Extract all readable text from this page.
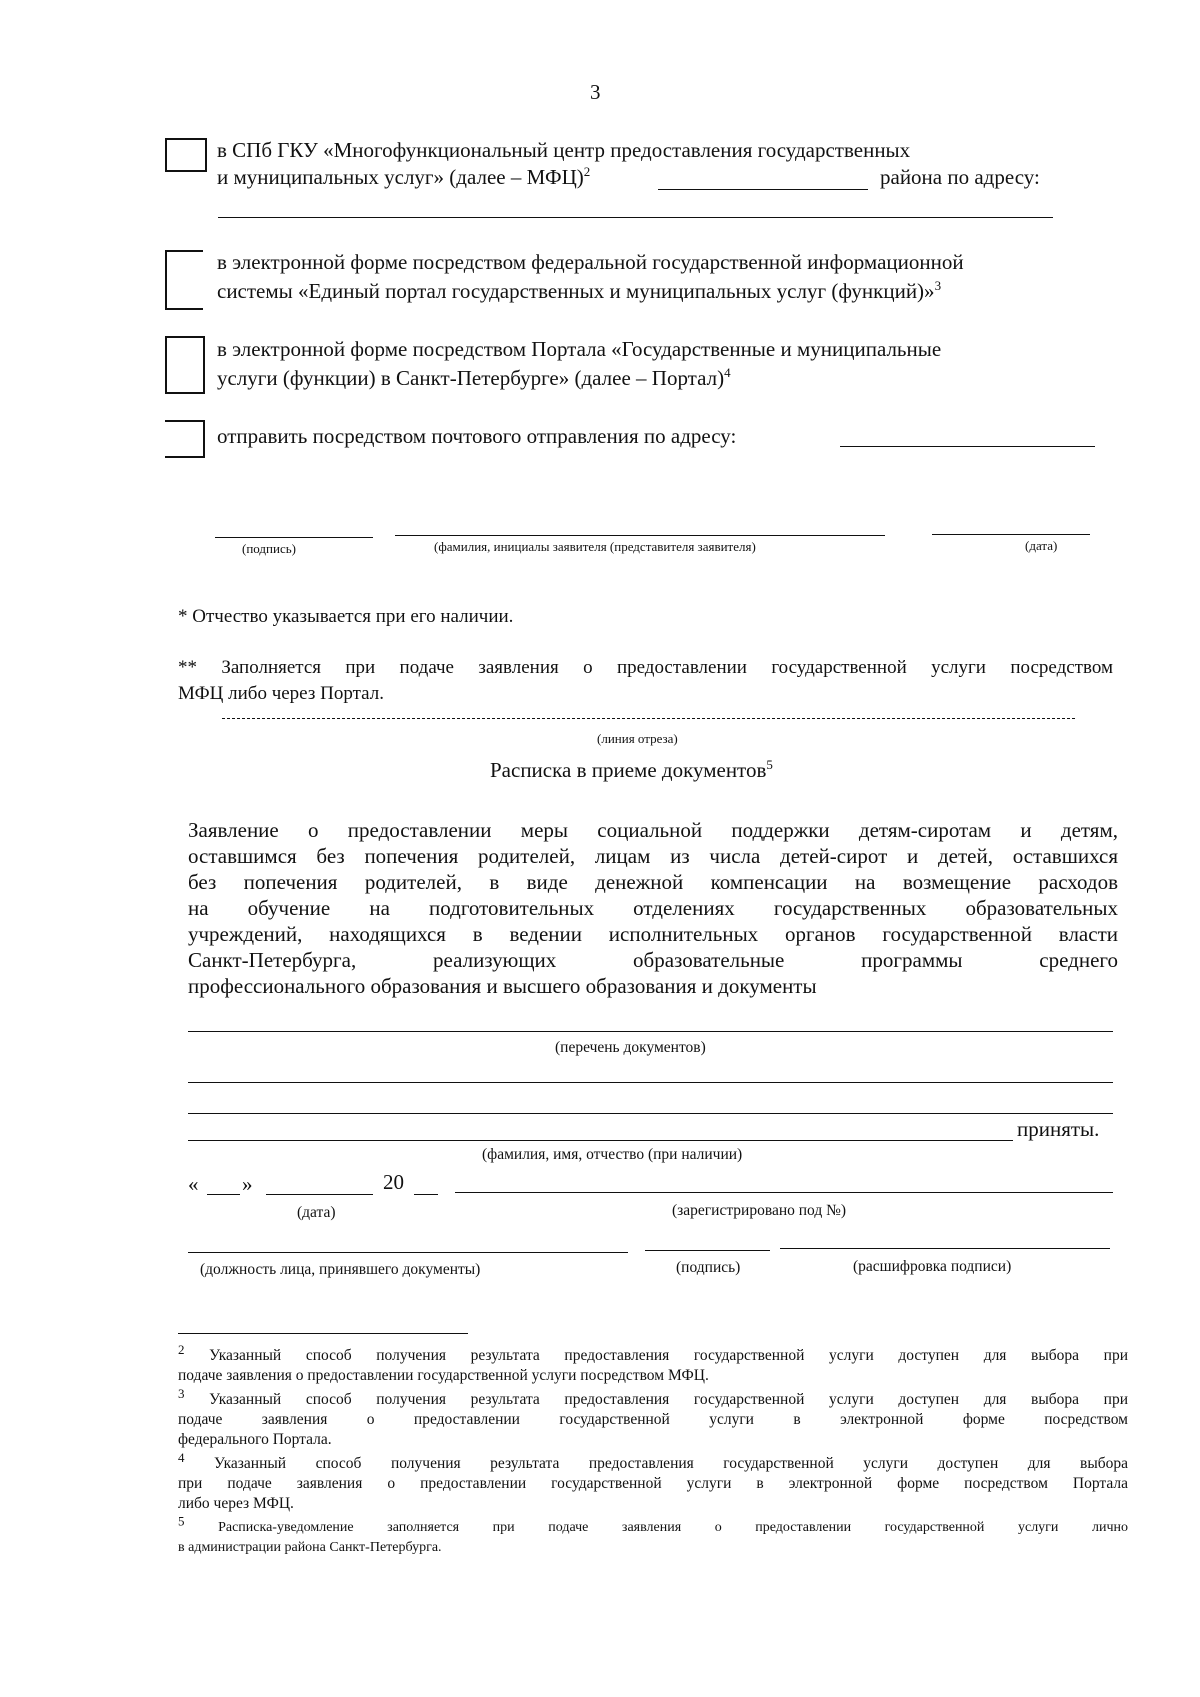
3
в СПб ГКУ «Многофункциональный центр предоставления государственных
и муниципальных услуг» (далее – МФЦ)$^2$	района по адресу:
в электронной форме посредством федеральной государственной информационной
системы «Единый портал государственных и муниципальных услуг (функций)»$^3$
в электронной форме посредством Портала «Государственные и муниципальные
услуги (функции) в Санкт-Петербурге» (далее – Портал)$^4$
отправить посредством почтового отправления по адресу:
(подпись)	(фамилия, инициалы заявителя (представителя заявителя)	(дата)
* Отчество указывается при его наличии.
** Заполняется при подаче заявления о предоставлении государственной услуги посредством
МФЦ либо через Портал.
(линия отреза)
Расписка в приеме документов$^5$
Заявление о предоставлении меры социальной поддержки детям-сиротам и детям,
оставшимся без попечения родителей, лицам из числа детей-сирот и детей, оставшихся
без попечения родителей, в виде денежной компенсации на возмещение расходов
на обучение на подготовительных отделениях государственных образовательных
учреждений, находящихся в ведении исполнительных органов государственной власти
Санкт-Петербурга, реализующих образовательные программы среднего
профессионального образования и высшего образования и документы
(перечень документов)
приняты.
(фамилия, имя, отчество (при наличии)
« »	20
(дата)	(зарегистрировано под №)
(должность лица, принявшего документы)	(подпись)	(расшифровка подписи)
$^2$ Указанный способ получения результата предоставления государственной услуги доступен для выбора при
подаче заявления о предоставлении государственной услуги посредством МФЦ.
$^3$ Указанный способ получения результата предоставления государственной услуги доступен для выбора при
подаче заявления о предоставлении государственной услуги в электронной форме посредством
федерального Портала.
$^4$ Указанный способ получения результата предоставления государственной услуги доступен для выбора
при подаче заявления о предоставлении государственной услуги в электронной форме посредством Портала
либо через МФЦ.
$^5$ Расписка-уведомление заполняется при подаче заявления о предоставлении государственной услуги лично
в администрации района Санкт-Петербурга.
